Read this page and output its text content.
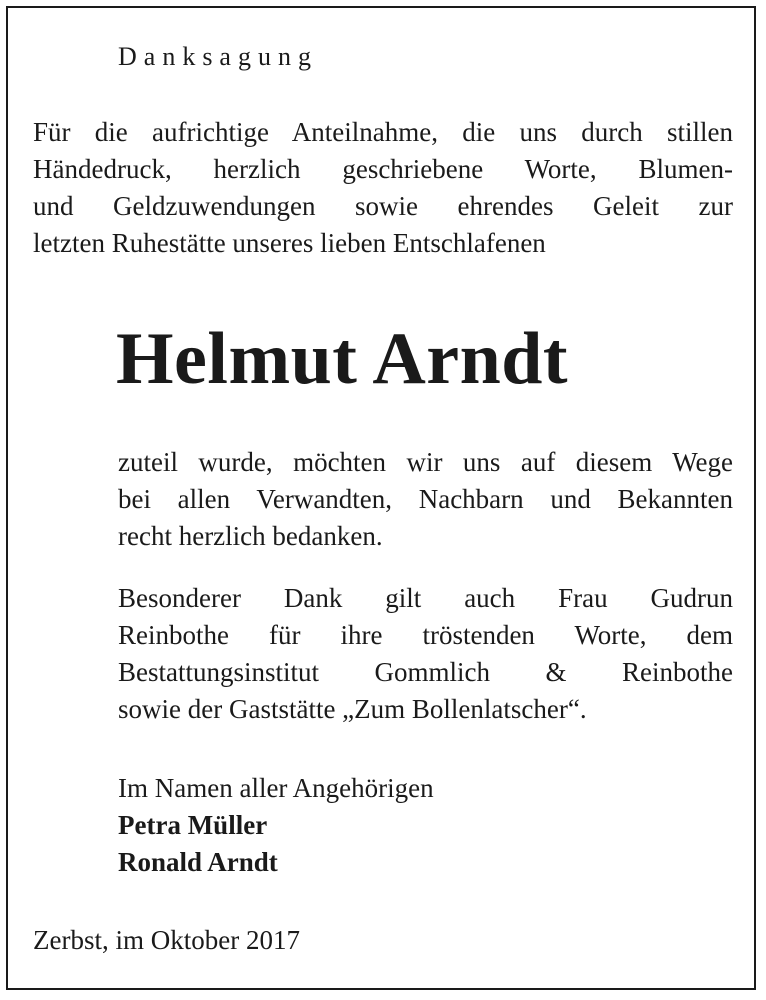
Danksagung
Für die aufrichtige Anteilnahme, die uns durch stillen
Händedruck, herzlich geschriebene Worte, Blumen-
und Geldzuwendungen sowie ehrendes Geleit zur
letzten Ruhestätte unseres lieben Entschlafenen
Helmut Arndt
zuteil wurde, möchten wir uns auf diesem Wege
bei allen Verwandten, Nachbarn und Bekannten
recht herzlich bedanken.
Besonderer Dank gilt auch Frau Gudrun
Reinbothe für ihre tröstenden Worte, dem
Bestattungsinstitut Gommlich & Reinbothe
sowie der Gaststätte „Zum Bollenlatscher“.
Im Namen aller Angehörigen
Petra Müller
Ronald Arndt
Zerbst, im Oktober 2017
